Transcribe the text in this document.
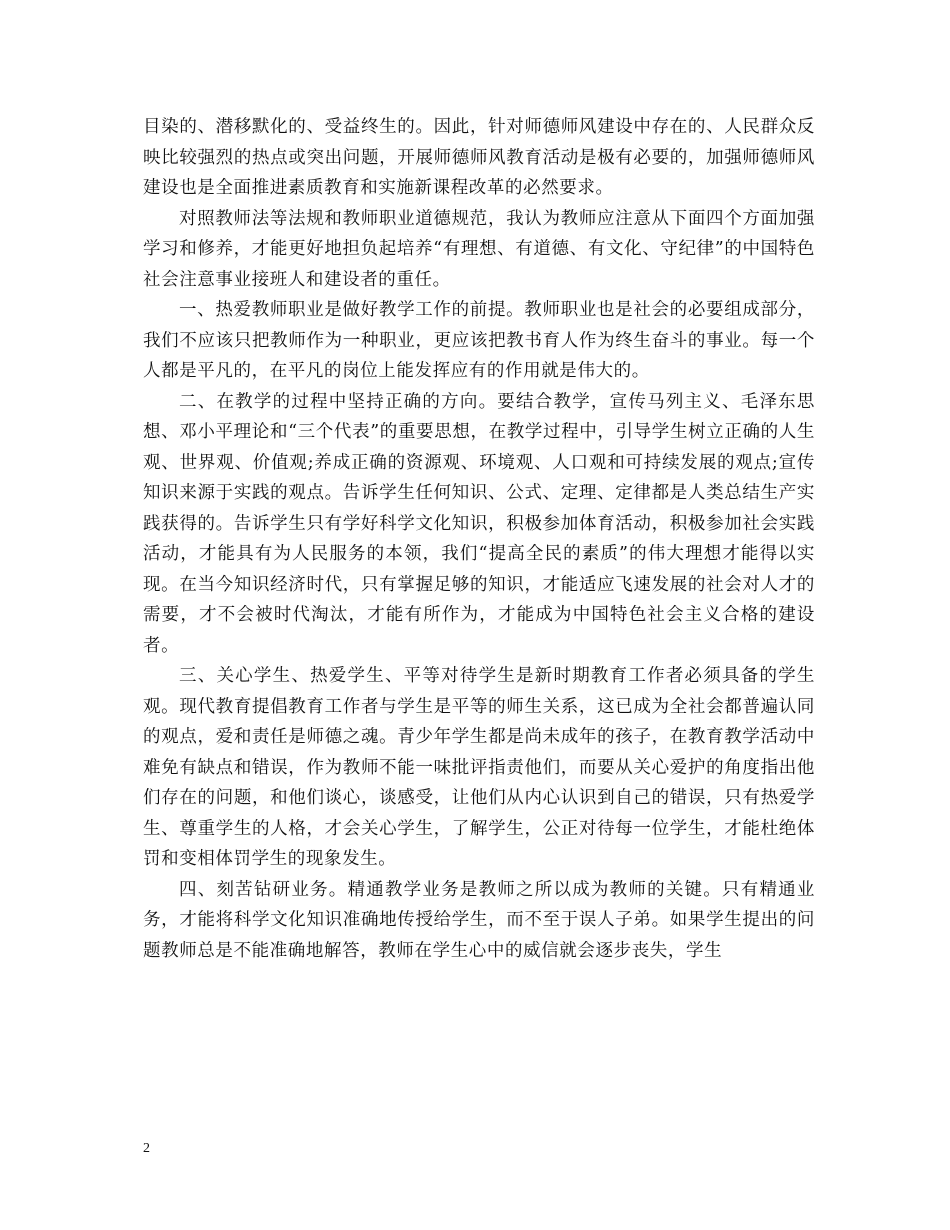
目染的、潜移默化的、受益终生的。因此，针对师德师风建设中存在的、人民群众反映比较强烈的热点或突出问题，开展师德师风教育活动是极有必要的，加强师德师风建设也是全面推进素质教育和实施新课程改革的必然要求。

对照教师法等法规和教师职业道德规范，我认为教师应注意从下面四个方面加强学习和修养，才能更好地担负起培养“有理想、有道德、有文化、守纪律”的中国特色社会注意事业接班人和建设者的重任。

一、热爱教师职业是做好教学工作的前提。教师职业也是社会的必要组成部分，我们不应该只把教师作为一种职业，更应该把教书育人作为终生奋斗的事业。每一个人都是平凡的，在平凡的岗位上能发挥应有的作用就是伟大的。

二、在教学的过程中坚持正确的方向。要结合教学，宣传马列主义、毛泽东思想、邓小平理论和“三个代表”的重要思想，在教学过程中，引导学生树立正确的人生观、世界观、价值观;养成正确的资源观、环境观、人口观和可持续发展的观点;宣传知识来源于实践的观点。告诉学生任何知识、公式、定理、定律都是人类总结生产实践获得的。告诉学生只有学好科学文化知识，积极参加体育活动，积极参加社会实践活动，才能具有为人民服务的本领，我们“提高全民的素质”的伟大理想才能得以实现。在当今知识经济时代，只有掌握足够的知识，才能适应飞速发展的社会对人才的需要，才不会被时代淘汰，才能有所作为，才能成为中国特色社会主义合格的建设者。

三、关心学生、热爱学生、平等对待学生是新时期教育工作者必须具备的学生观。现代教育提倡教育工作者与学生是平等的师生关系，这已成为全社会都普遍认同的观点，爱和责任是师德之魂。青少年学生都是尚未成年的孩子，在教育教学活动中难免有缺点和错误，作为教师不能一味批评指责他们，而要从关心爱护的角度指出他们存在的问题，和他们谈心，谈感受，让他们从内心认识到自己的错误，只有热爱学生、尊重学生的人格，才会关心学生，了解学生，公正对待每一位学生，才能杜绝体罚和变相体罚学生的现象发生。

四、刻苦钻研业务。精通教学业务是教师之所以成为教师的关键。只有精通业务，才能将科学文化知识准确地传授给学生，而不至于误人子弟。如果学生提出的问题教师总是不能准确地解答，教师在学生心中的威信就会逐步丧失，学生

2
